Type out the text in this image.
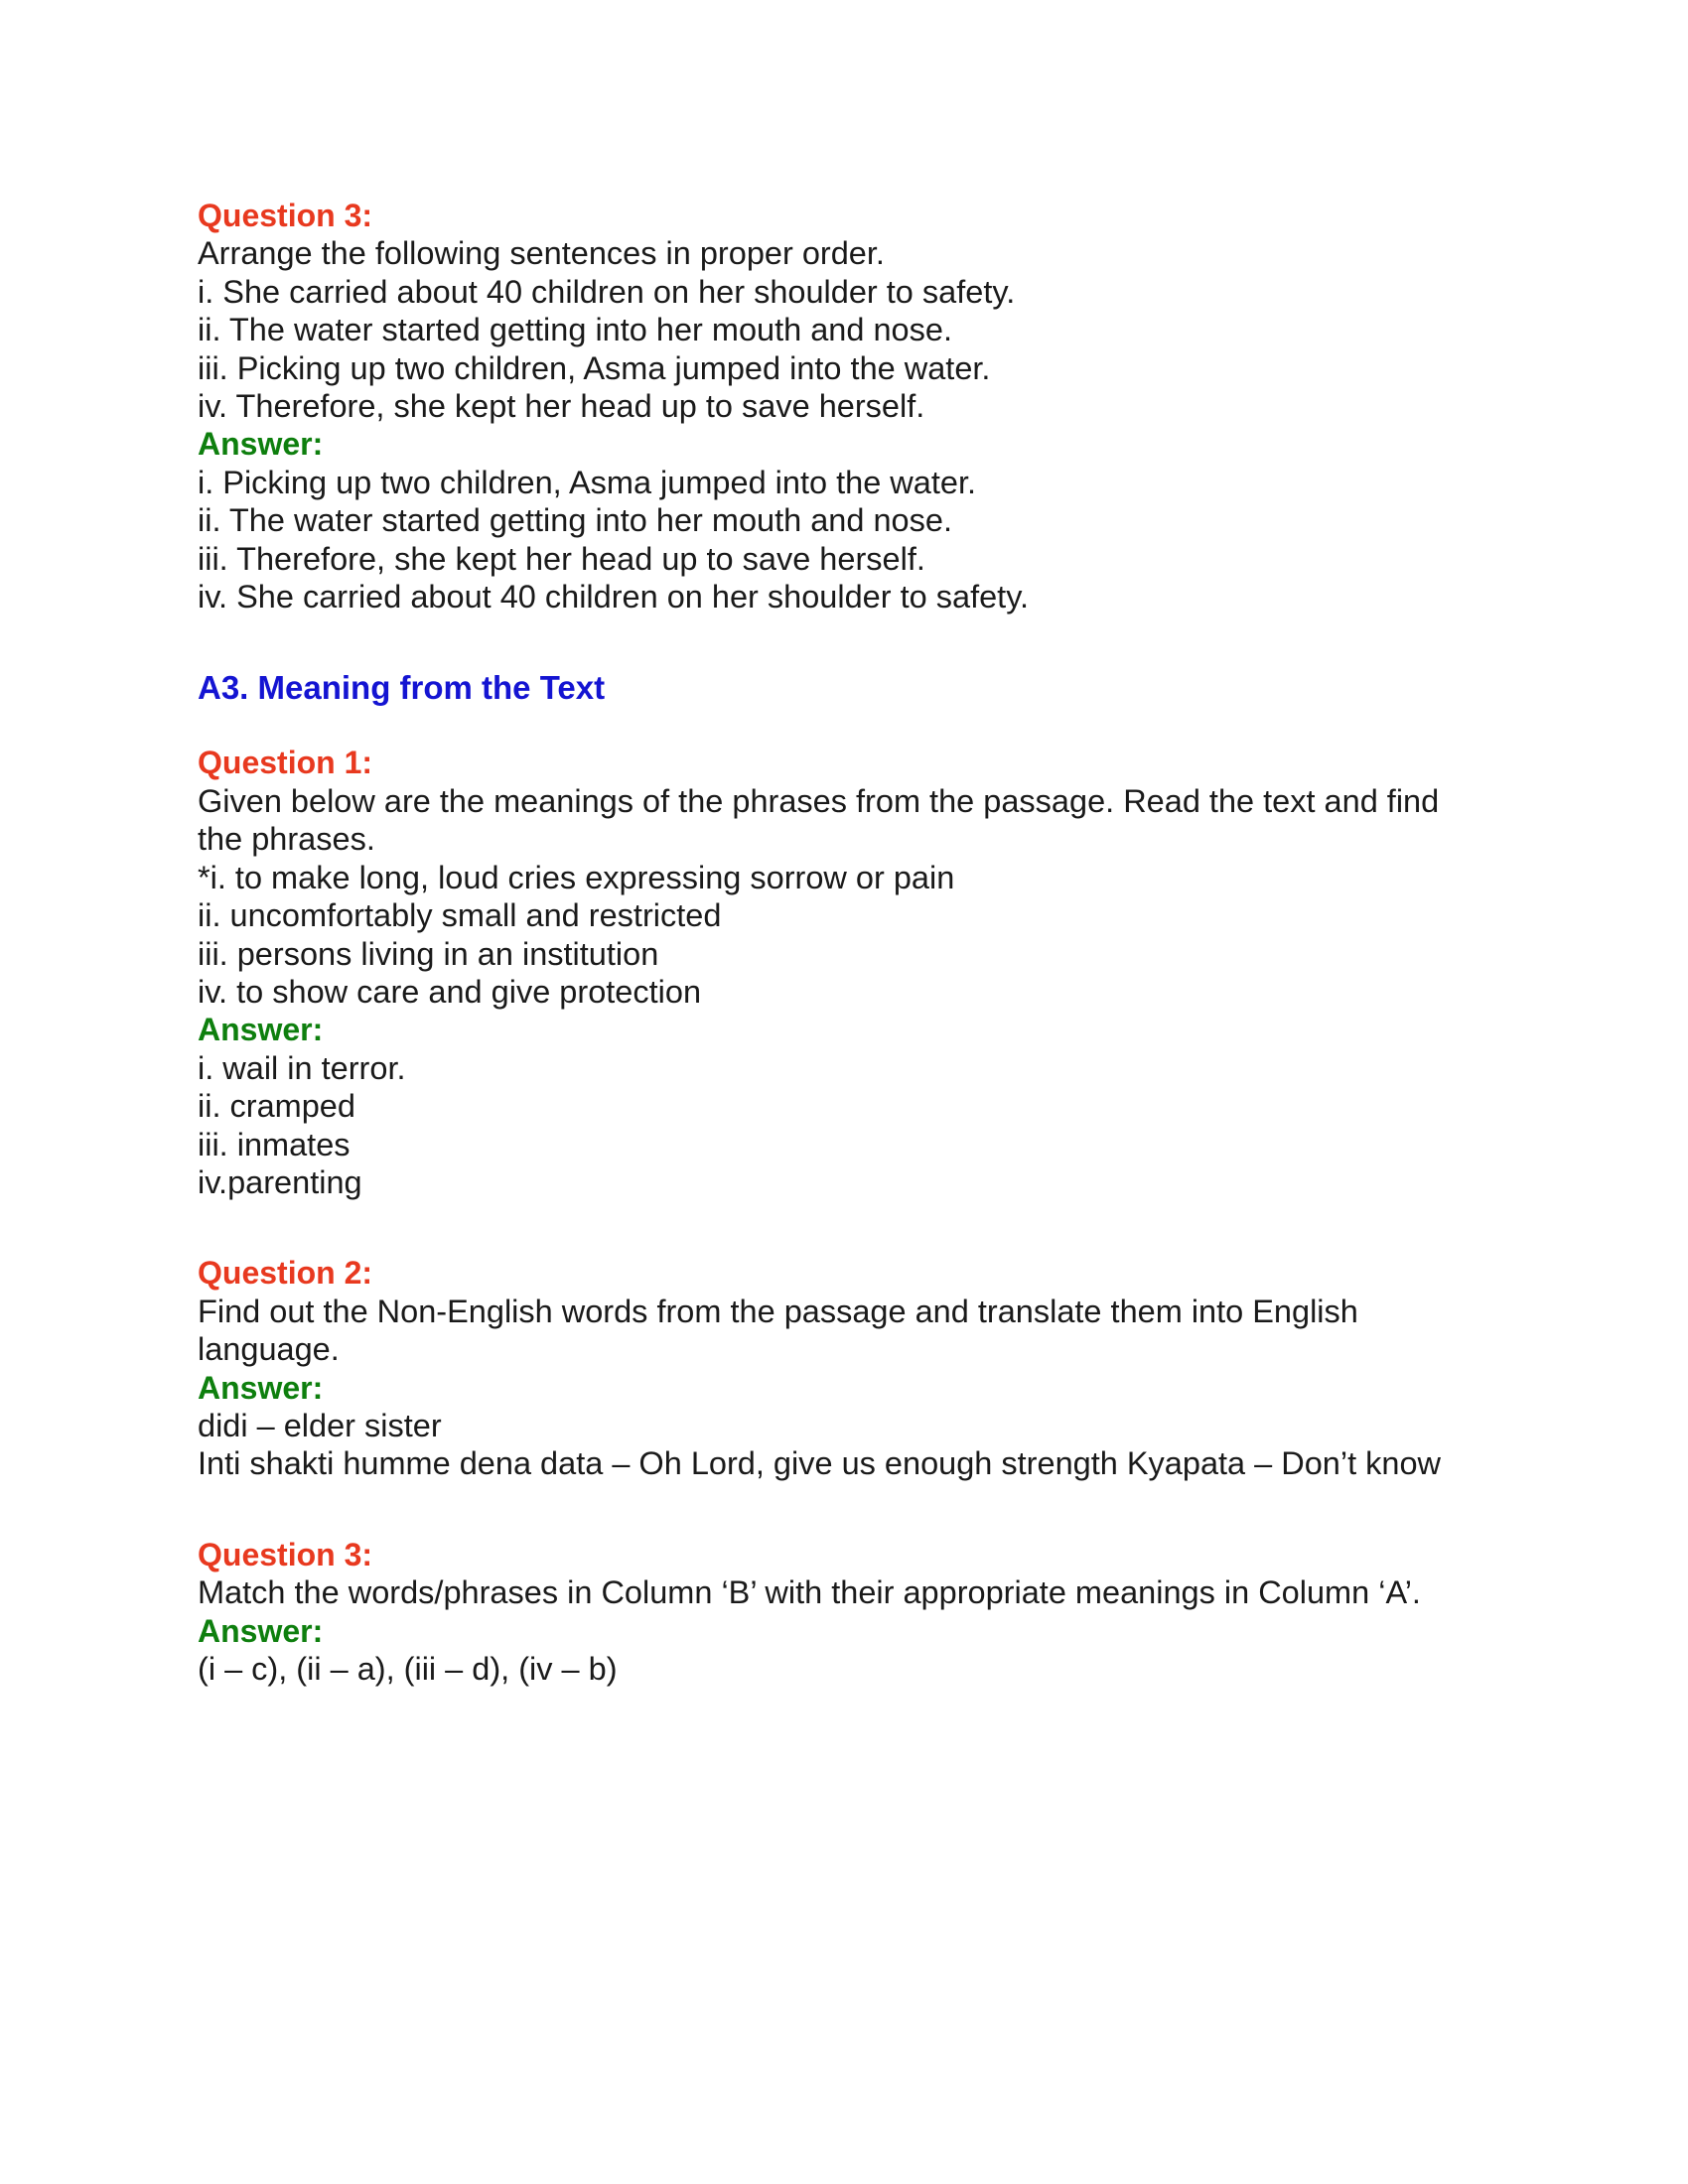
Question 3:
Arrange the following sentences in proper order.
i. She carried about 40 children on her shoulder to safety.
ii. The water started getting into her mouth and nose.
iii. Picking up two children, Asma jumped into the water.
iv. Therefore, she kept her head up to save herself.
Answer:
i. Picking up two children, Asma jumped into the water.
ii. The water started getting into her mouth and nose.
iii. Therefore, she kept her head up to save herself.
iv. She carried about 40 children on her shoulder to safety.
A3. Meaning from the Text
Question 1:
Given below are the meanings of the phrases from the passage. Read the text and find
the phrases.
*i. to make long, loud cries expressing sorrow or pain
ii. uncomfortably small and restricted
iii. persons living in an institution
iv. to show care and give protection
Answer:
i. wail in terror.
ii. cramped
iii. inmates
iv.parenting
Question 2:
Find out the Non-English words from the passage and translate them into English
language.
Answer:
didi – elder sister
Inti shakti humme dena data – Oh Lord, give us enough strength Kyapata – Don’t know
Question 3:
Match the words/phrases in Column ‘B’ with their appropriate meanings in Column ‘A’.
Answer:
(i – c), (ii – a), (iii – d), (iv – b)
